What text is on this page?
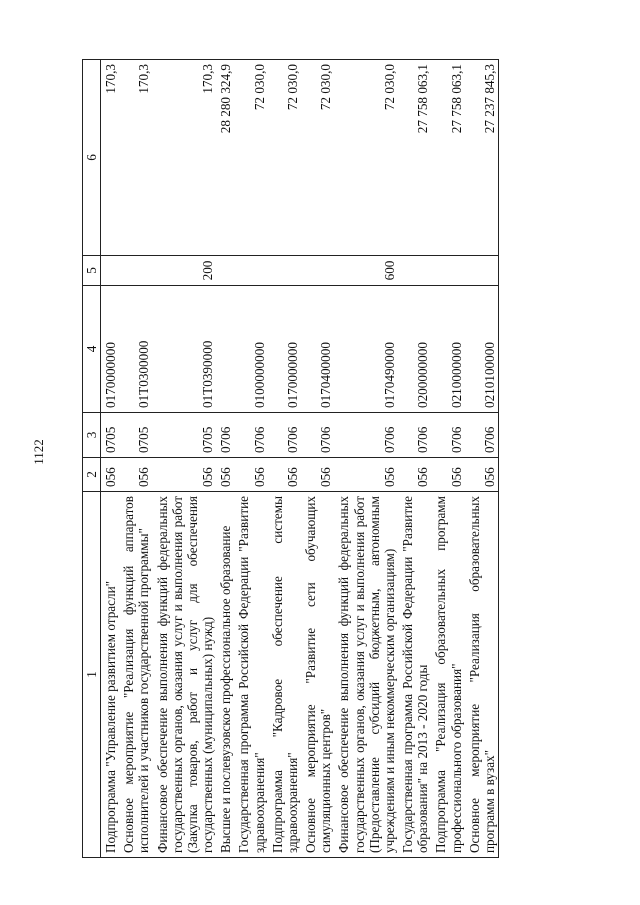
1122
1	2	3	4	5	6
Подпрограмма "Управление развитием отрасли"	056	0705	0170000000		170,3
Основное мероприятие "Реализация функций аппаратов исполнителей и участников государственной программы"	056	0705	01Т0300000		170,3
Финансовое обеспечение выполнения функций федеральных государственных органов, оказания услуг и выполнения работ (Закупка товаров, работ и услуг для обеспечения государственных (муниципальных) нужд)	056	0705	01Т0390000	200	170,3
Высшее и послевузовское профессиональное образование	056	0706			28 280 324,9
Государственная программа Российской Федерации "Развитие здравоохранения"	056	0706	0100000000		72 030,0
Подпрограмма "Кадровое обеспечение системы здравоохранения"	056	0706	0170000000		72 030,0
Основное мероприятие "Развитие сети обучающих симуляционных центров"	056	0706	0170400000		72 030,0
Финансовое обеспечение выполнения функций федеральных государственных органов, оказания услуг и выполнения работ (Предоставление субсидий бюджетным, автономным учреждениям и иным некоммерческим организациям)	056	0706	0170490000	600	72 030,0
Государственная программа Российской Федерации "Развитие образования" на 2013 - 2020 годы	056	0706	0200000000		27 758 063,1
Подпрограмма "Реализация образовательных программ профессионального образования"	056	0706	0210000000		27 758 063,1
Основное мероприятие "Реализация образовательных программ в вузах"	056	0706	0210100000		27 237 845,3
